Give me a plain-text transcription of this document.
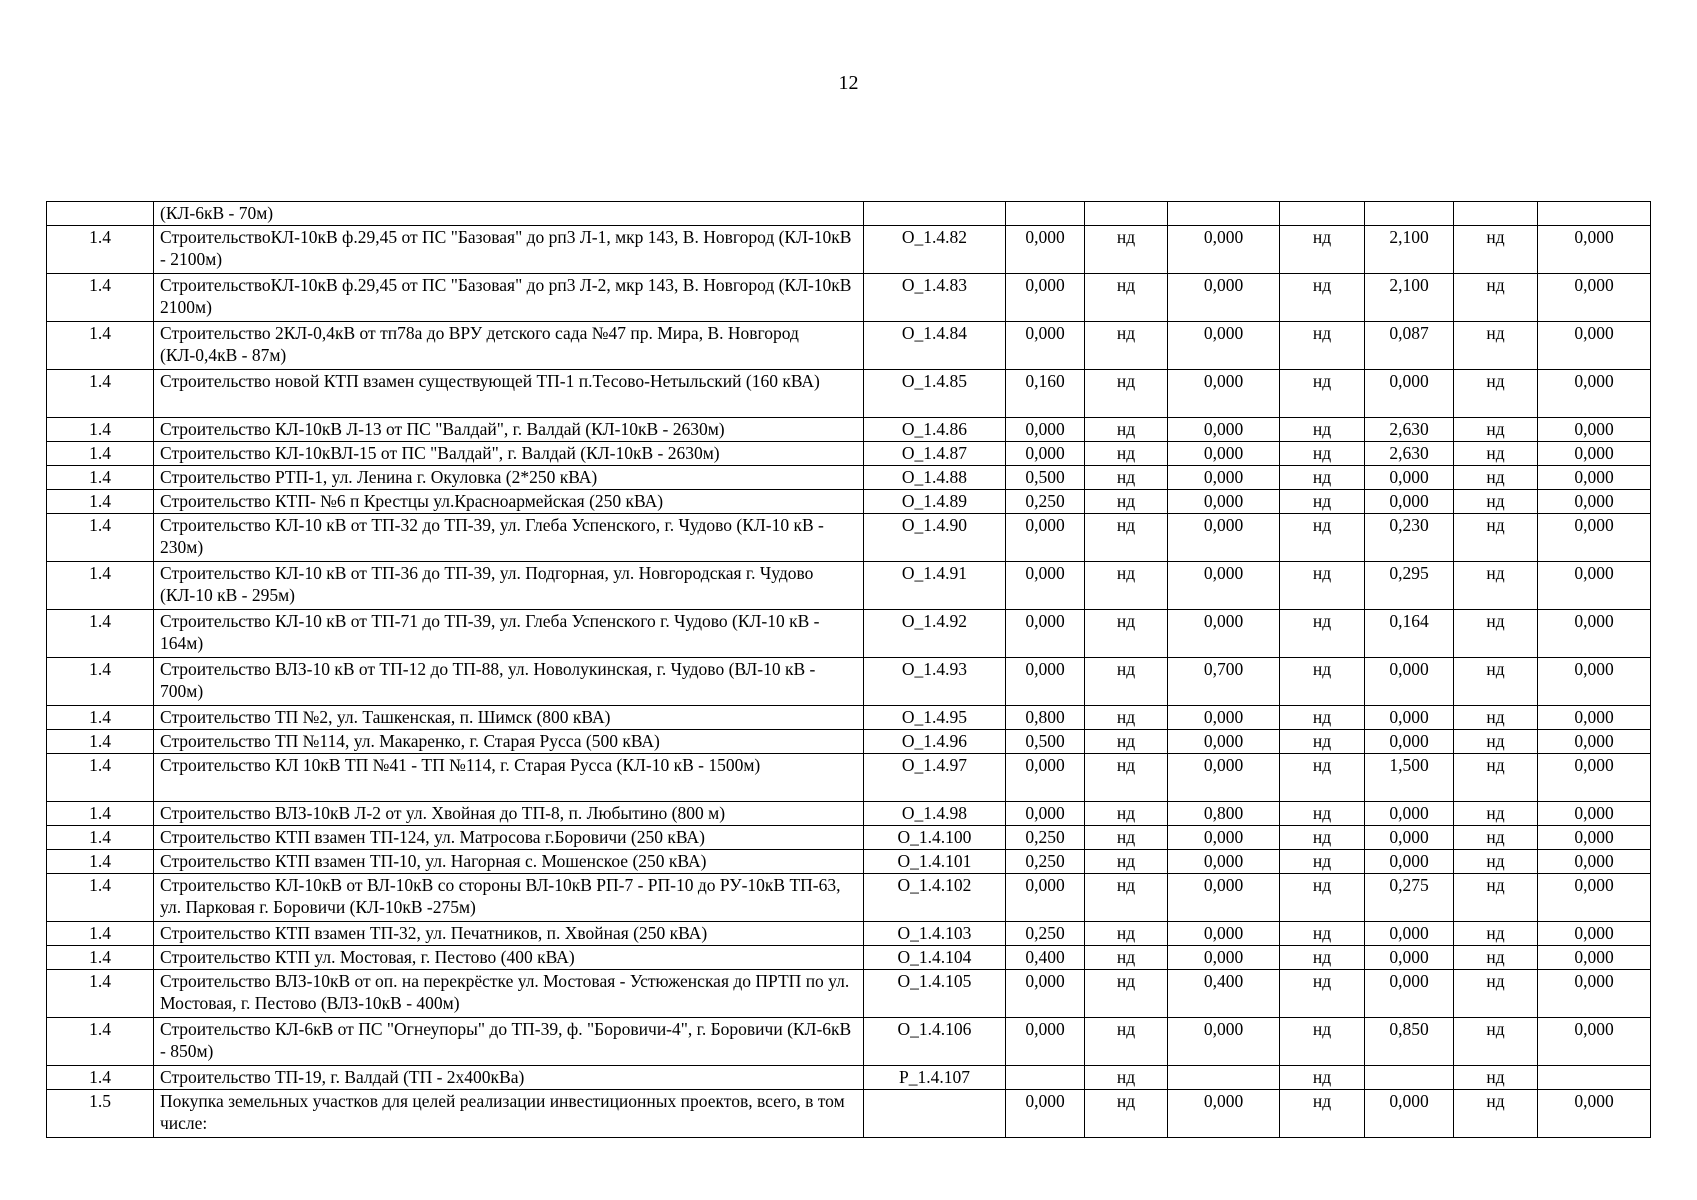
12
	(КЛ-6кВ - 70м)								
1.4	СтроительствоКЛ-10кВ ф.29,45 от ПС "Базовая" до рп3 Л-1, мкр 143, В. Новгород (КЛ-10кВ - 2100м)	О_1.4.82	0,000	нд	0,000	нд	2,100	нд	0,000
1.4	СтроительствоКЛ-10кВ ф.29,45 от ПС "Базовая" до рп3 Л-2, мкр 143, В. Новгород (КЛ-10кВ 2100м)	О_1.4.83	0,000	нд	0,000	нд	2,100	нд	0,000
1.4	Строительство 2КЛ-0,4кВ от тп78а до ВРУ детского сада №47 пр. Мира, В. Новгород (КЛ-0,4кВ - 87м)	О_1.4.84	0,000	нд	0,000	нд	0,087	нд	0,000
1.4	Строительство новой КТП взамен существующей ТП-1 п.Тесово-Нетыльский (160 кВА)	О_1.4.85	0,160	нд	0,000	нд	0,000	нд	0,000
1.4	Строительство КЛ-10кВ Л-13 от ПС "Валдай", г. Валдай (КЛ-10кВ - 2630м)	О_1.4.86	0,000	нд	0,000	нд	2,630	нд	0,000
1.4	Строительство КЛ-10кВЛ-15 от ПС "Валдай", г. Валдай (КЛ-10кВ - 2630м)	О_1.4.87	0,000	нд	0,000	нд	2,630	нд	0,000
1.4	Строительство РТП-1, ул. Ленина г. Окуловка (2*250 кВА)	О_1.4.88	0,500	нд	0,000	нд	0,000	нд	0,000
1.4	Строительство КТП- №6 п Крестцы ул.Красноармейская (250 кВА)	О_1.4.89	0,250	нд	0,000	нд	0,000	нд	0,000
1.4	Строительство КЛ-10 кВ от ТП-32 до ТП-39, ул. Глеба Успенского, г. Чудово (КЛ-10 кВ - 230м)	О_1.4.90	0,000	нд	0,000	нд	0,230	нд	0,000
1.4	Строительство КЛ-10 кВ от ТП-36 до ТП-39, ул. Подгорная, ул. Новгородская г. Чудово (КЛ-10 кВ - 295м)	О_1.4.91	0,000	нд	0,000	нд	0,295	нд	0,000
1.4	Строительство КЛ-10 кВ от ТП-71 до ТП-39, ул. Глеба Успенского г. Чудово (КЛ-10 кВ - 164м)	О_1.4.92	0,000	нд	0,000	нд	0,164	нд	0,000
1.4	Строительство ВЛЗ-10 кВ от ТП-12 до ТП-88, ул. Новолукинская, г. Чудово (ВЛ-10 кВ - 700м)	О_1.4.93	0,000	нд	0,700	нд	0,000	нд	0,000
1.4	Строительство ТП №2, ул. Ташкенская, п. Шимск (800 кВА)	О_1.4.95	0,800	нд	0,000	нд	0,000	нд	0,000
1.4	Строительство ТП №114, ул. Макаренко, г. Старая Русса (500 кВА)	О_1.4.96	0,500	нд	0,000	нд	0,000	нд	0,000
1.4	Строительство КЛ 10кВ ТП №41 - ТП №114, г. Старая Русса (КЛ-10 кВ - 1500м)	О_1.4.97	0,000	нд	0,000	нд	1,500	нд	0,000
1.4	Строительство ВЛЗ-10кВ Л-2 от ул. Хвойная до ТП-8, п. Любытино (800 м)	О_1.4.98	0,000	нд	0,800	нд	0,000	нд	0,000
1.4	Строительство КТП взамен ТП-124, ул. Матросова г.Боровичи (250 кВА)	О_1.4.100	0,250	нд	0,000	нд	0,000	нд	0,000
1.4	Строительство КТП взамен ТП-10, ул. Нагорная с. Мошенское (250 кВА)	О_1.4.101	0,250	нд	0,000	нд	0,000	нд	0,000
1.4	Строительство КЛ-10кВ от ВЛ-10кВ со стороны ВЛ-10кВ РП-7 - РП-10 до РУ-10кВ ТП-63, ул. Парковая г. Боровичи (КЛ-10кВ -275м)	О_1.4.102	0,000	нд	0,000	нд	0,275	нд	0,000
1.4	Строительство КТП взамен ТП-32, ул. Печатников, п. Хвойная (250 кВА)	О_1.4.103	0,250	нд	0,000	нд	0,000	нд	0,000
1.4	Строительство КТП ул. Мостовая, г. Пестово (400 кВА)	О_1.4.104	0,400	нд	0,000	нд	0,000	нд	0,000
1.4	Строительство ВЛЗ-10кВ от оп. на перекрёстке ул. Мостовая - Устюженская до ПРТП по ул. Мостовая, г. Пестово (ВЛЗ-10кВ - 400м)	О_1.4.105	0,000	нд	0,400	нд	0,000	нд	0,000
1.4	Строительство КЛ-6кВ от ПС "Огнеупоры" до ТП-39, ф. "Боровичи-4", г. Боровичи (КЛ-6кВ - 850м)	О_1.4.106	0,000	нд	0,000	нд	0,850	нд	0,000
1.4	Строительство ТП-19, г. Валдай (ТП - 2х400кВа)	Р_1.4.107		нд		нд		нд	
1.5	Покупка земельных участков для целей реализации инвестиционных проектов, всего, в том числе:		0,000	нд	0,000	нд	0,000	нд	0,000
